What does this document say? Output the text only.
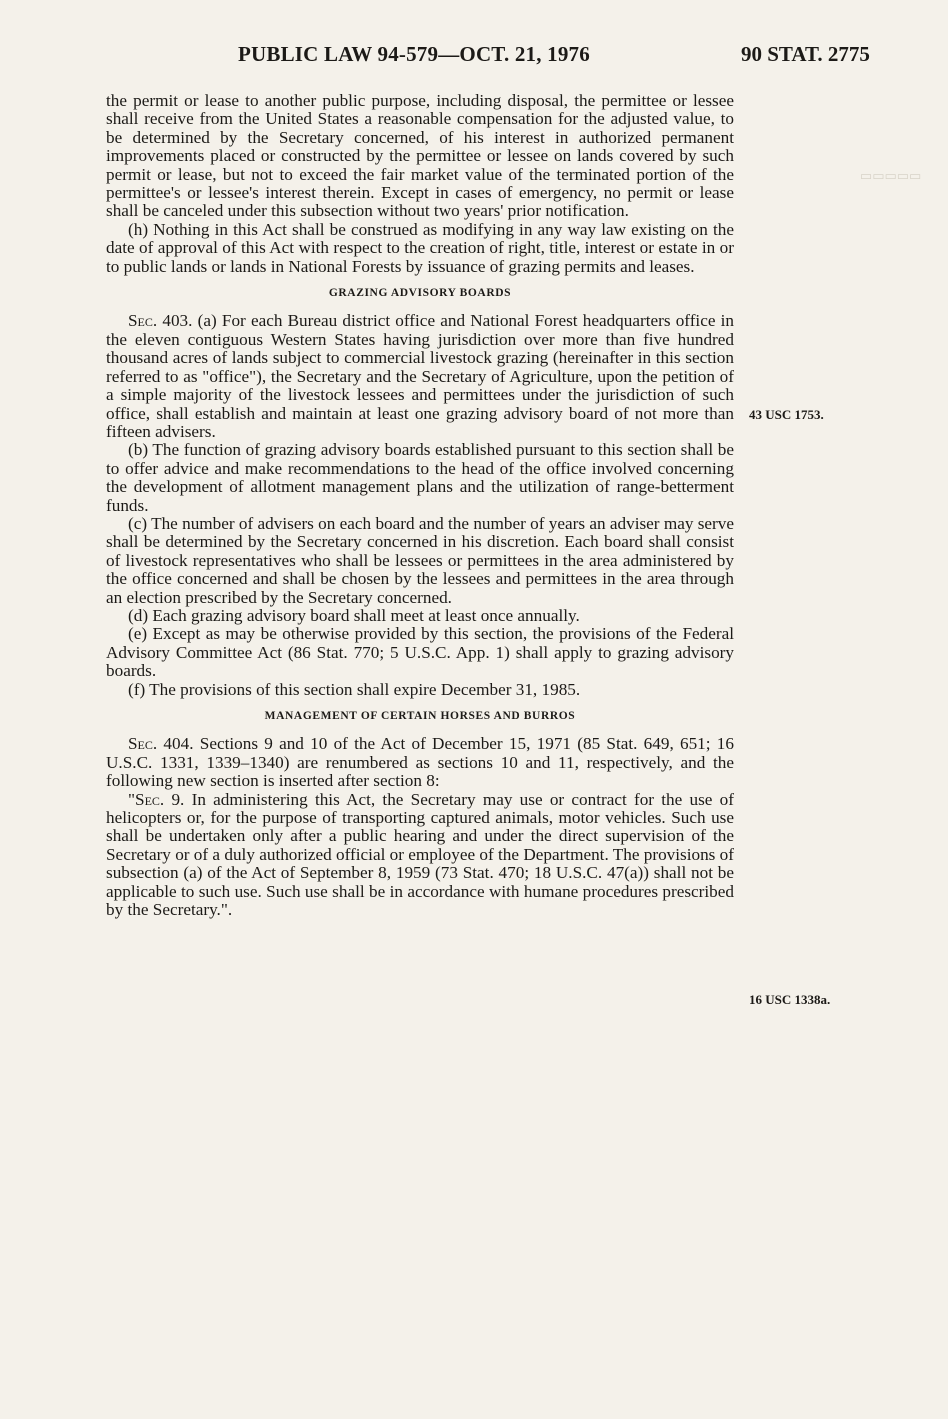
▭▭▭▭▭
PUBLIC LAW 94-579—OCT. 21, 1976	90 STAT. 2775

the permit or lease to another public purpose, including disposal, the permittee or lessee shall receive from the United States a reasonable compensation for the adjusted value, to be determined by the Secretary concerned, of his interest in authorized permanent improvements placed or constructed by the permittee or lessee on lands covered by such permit or lease, but not to exceed the fair market value of the terminated portion of the permittee's or lessee's interest therein. Except in cases of emergency, no permit or lease shall be canceled under this subsection without two years' prior notification.

(h) Nothing in this Act shall be construed as modifying in any way law existing on the date of approval of this Act with respect to the creation of right, title, interest or estate in or to public lands or lands in National Forests by issuance of grazing permits and leases.

GRAZING ADVISORY BOARDS

Sec. 403. (a) For each Bureau district office and National Forest headquarters office in the eleven contiguous Western States having jurisdiction over more than five hundred thousand acres of lands subject to commercial livestock grazing (hereinafter in this section referred to as "office"), the Secretary and the Secretary of Agriculture, upon the petition of a simple majority of the livestock lessees and permittees under the jurisdiction of such office, shall establish and maintain at least one grazing advisory board of not more than fifteen advisers.

(b) The function of grazing advisory boards established pursuant to this section shall be to offer advice and make recommendations to the head of the office involved concerning the development of allotment management plans and the utilization of range-betterment funds.

(c) The number of advisers on each board and the number of years an adviser may serve shall be determined by the Secretary concerned in his discretion. Each board shall consist of livestock representatives who shall be lessees or permittees in the area administered by the office concerned and shall be chosen by the lessees and permittees in the area through an election prescribed by the Secretary concerned.

(d) Each grazing advisory board shall meet at least once annually.

(e) Except as may be otherwise provided by this section, the provisions of the Federal Advisory Committee Act (86 Stat. 770; 5 U.S.C. App. 1) shall apply to grazing advisory boards.

(f) The provisions of this section shall expire December 31, 1985.

MANAGEMENT OF CERTAIN HORSES AND BURROS

Sec. 404. Sections 9 and 10 of the Act of December 15, 1971 (85 Stat. 649, 651; 16 U.S.C. 1331, 1339–1340) are renumbered as sections 10 and 11, respectively, and the following new section is inserted after section 8:

"Sec. 9. In administering this Act, the Secretary may use or contract for the use of helicopters or, for the purpose of transporting captured animals, motor vehicles. Such use shall be undertaken only after a public hearing and under the direct supervision of the Secretary or of a duly authorized official or employee of the Department. The provisions of subsection (a) of the Act of September 8, 1959 (73 Stat. 470; 18 U.S.C. 47(a)) shall not be applicable to such use. Such use shall be in accordance with humane procedures prescribed by the Secretary.".

43 USC 1753.
16 USC 1338a.
